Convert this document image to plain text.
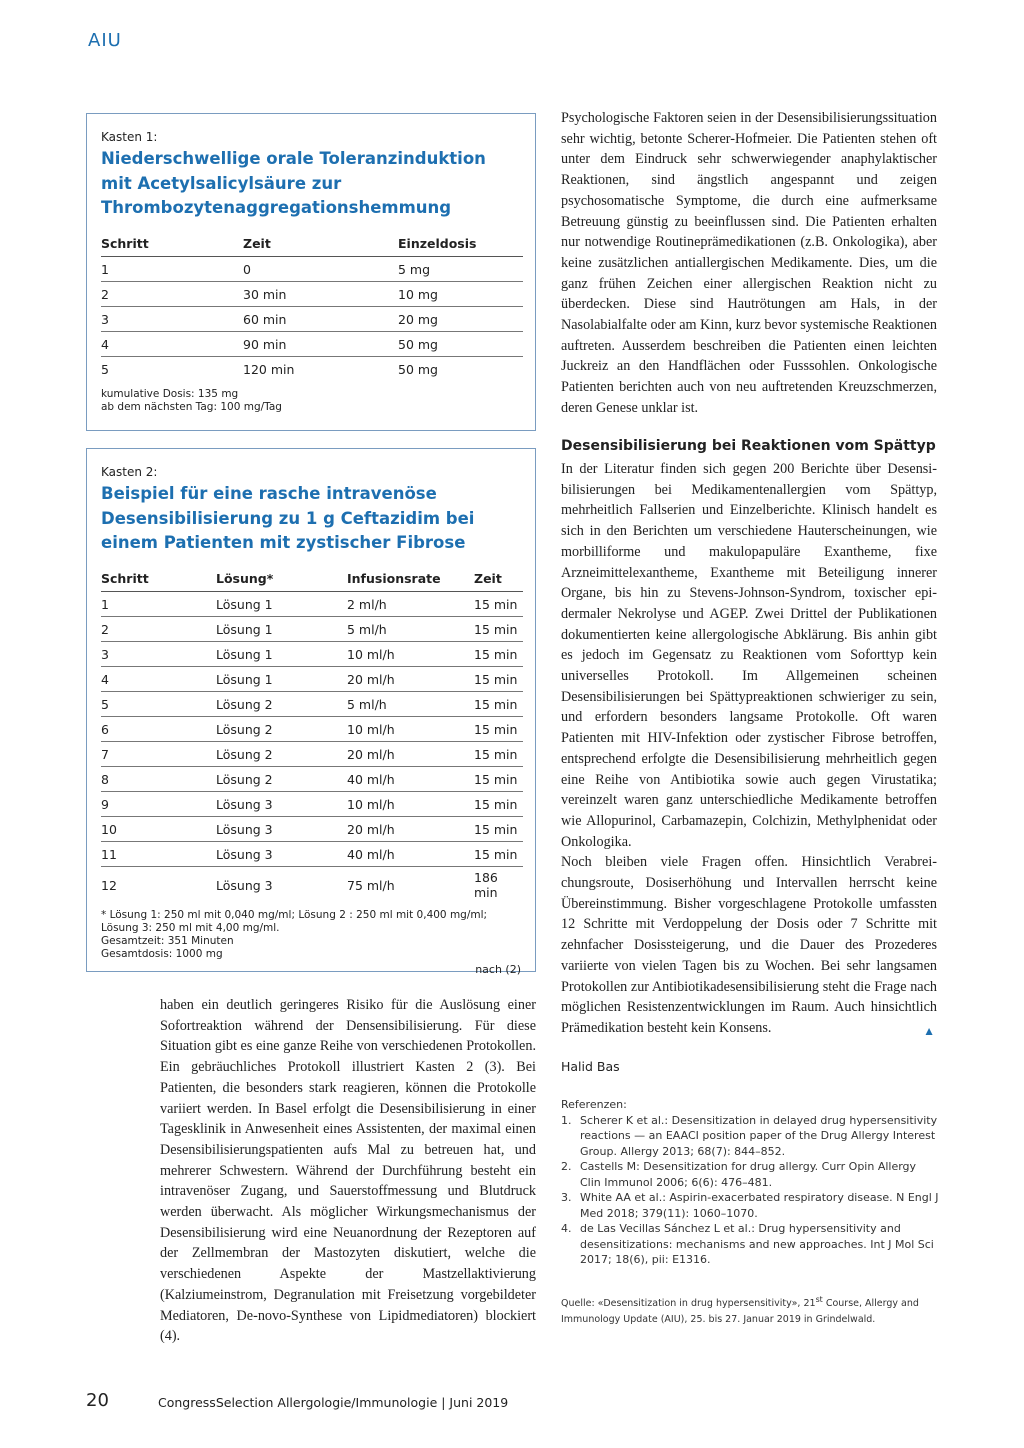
AIU
Kasten 1:
Niederschwellige orale Toleranzinduktion mit Acetylsalicylsäure zur Thrombozytenaggregationshemmung
Schritt	Zeit	Einzeldosis
1	0	5 mg
2	30 min	10 mg
3	60 min	20 mg
4	90 min	50 mg
5	120 min	50 mg
kumulative Dosis: 135 mg
ab dem nächsten Tag: 100 mg/Tag
Kasten 2:
Beispiel für eine rasche intravenöse Desensibilisierung zu 1 g Ceftazidim bei einem Patienten mit zystischer Fibrose
Schritt	Lösung*	Infusionsrate	Zeit
1	Lösung 1	2 ml/h	15 min
2	Lösung 1	5 ml/h	15 min
3	Lösung 1	10 ml/h	15 min
4	Lösung 1	20 ml/h	15 min
5	Lösung 2	5 ml/h	15 min
6	Lösung 2	10 ml/h	15 min
7	Lösung 2	20 ml/h	15 min
8	Lösung 2	40 ml/h	15 min
9	Lösung 3	10 ml/h	15 min
10	Lösung 3	20 ml/h	15 min
11	Lösung 3	40 ml/h	15 min
12	Lösung 3	75 ml/h	186 min
* Lösung 1: 250 ml mit 0,040 mg/ml; Lösung 2 : 250 ml mit 0,400 mg/ml;
Lösung 3: 250 ml mit 4,00 mg/ml.
Gesamtzeit: 351 Minuten
Gesamtdosis: 1000 mg
nach (2)

haben ein deutlich geringeres Risiko für die Auslösung einer Sofortreaktion während der Densensibilisierung. Für diese Situation gibt es eine ganze Reihe von verschiedenen Protokollen. Ein gebräuchliches Protokoll illustriert Kasten 2 (3). Bei Patienten, die besonders stark reagieren, können die Protokolle variiert werden. In Basel erfolgt die Desensibilisierung in einer Tagesklinik in Anwesenheit eines Assistenten, der maximal einen Desensibilisierungspatienten aufs Mal zu betreuen hat, und mehrerer Schwestern. Während der Durchführung besteht ein intravenöser Zugang, und Sauerstoffmessung und Blutdruck werden überwacht. Als möglicher Wirkungsmechanismus der Desensibilisierung wird eine Neuanordnung der Rezeptoren auf der Zellmembran der Mastozyten diskutiert, welche die verschiedenen Aspekte der Mastzellaktivierung (Kalziumeinstrom, Degranulation mit Freisetzung vorgebildeter Mediatoren, De-novo-Synthese von Lipidmediatoren) blockiert (4).

Psychologische Faktoren seien in der Desensibilisierungssituation sehr wichtig, betonte Scherer-Hofmeier. Die Patienten stehen oft unter dem Eindruck sehr schwerwiegender anaphylaktischer Reaktionen, sind ängstlich angespannt und zeigen psychosomatische Symptome, die durch eine aufmerksame Betreuung günstig zu beeinflussen sind. Die Patienten erhalten nur notwendige Routineprämedikationen (z.B. Onkologika), aber keine zusätzlichen antiallergischen Medikamente. Dies, um die ganz frühen Zeichen einer allergischen Reaktion nicht zu überdecken. Diese sind Hautrötungen am Hals, in der Nasolabialfalte oder am Kinn, kurz bevor systemische Reaktionen auftreten. Ausserdem beschreiben die Patienten einen leichten Juckreiz an den Handflächen oder Fusssohlen. Onkologische Patienten berichten auch von neu auftretenden Kreuzschmerzen, deren Genese unklar ist.

Desensibilisierung bei Reaktionen vom Spättyp

In der Literatur finden sich gegen 200 Berichte über Desensibilisierungen bei Medikamentenallergien vom Spättyp, mehrheitlich Fallserien und Einzelberichte. Klinisch handelt es sich in den Berichten um verschiedene Hauterscheinungen, wie morbilliforme und makulopapuläre Exantheme, fixe Arzneimittelexantheme, Exantheme mit Beteiligung innerer Organe, bis hin zu Stevens-Johnson-Syndrom, toxischer epidermaler Nekrolyse und AGEP. Zwei Drittel der Publikationen dokumentierten keine allergologische Abklärung. Bis anhin gibt es jedoch im Gegensatz zu Reaktionen vom Soforttyp kein universelles Protokoll. Im Allgemeinen scheinen Desensibilisierungen bei Spättypreaktionen schwieriger zu sein, und erfordern besonders langsame Protokolle. Oft waren Patienten mit HIV-Infektion oder zystischer Fibrose betroffen, entsprechend erfolgte die Desensibilisierung mehrheitlich gegen eine Reihe von Antibiotika sowie auch gegen Virustatika; vereinzelt waren ganz unterschiedliche Medikamente betroffen wie Allopurinol, Carbamazepin, Colchizin, Methylphenidat oder Onkologika.

Noch bleiben viele Fragen offen. Hinsichtlich Verabreichungsroute, Dosiserhöhung und Intervallen herrscht keine Übereinstimmung. Bisher vorgeschlagene Protokolle umfassten 12 Schritte mit Verdoppelung der Dosis oder 7 Schritte mit zehnfacher Dosissteigerung, und die Dauer des Prozederes variierte von vielen Tagen bis zu Wochen. Bei sehr langsamen Protokollen zur Antibiotikadesensibilisierung steht die Frage nach möglichen Resistenzentwicklungen im Raum. Auch hinsichtlich Prämedikation besteht kein Konsens.	▲

Halid Bas
Referenzen:
1. Scherer K et al.: Desensitization in delayed drug hypersensitivity reactions — an EAACI position paper of the Drug Allergy Interest Group. Allergy 2013; 68(7): 844–852.
2. Castells M: Desensitization for drug allergy. Curr Opin Allergy Clin Immunol 2006; 6(6): 476–481.
3. White AA et al.: Aspirin-exacerbated respiratory disease. N Engl J Med 2018; 379(11): 1060–1070.
4. de Las Vecillas Sánchez L et al.: Drug hypersensitivity and desensitizations: mechanisms and new approaches. Int J Mol Sci 2017; 18(6), pii: E1316.
Quelle: «Desensitization in drug hypersensitivity», 21st Course, Allergy and Immunology Update (AIU), 25. bis 27. Januar 2019 in Grindelwald.
20	CongressSelection Allergologie/Immunologie | Juni 2019
